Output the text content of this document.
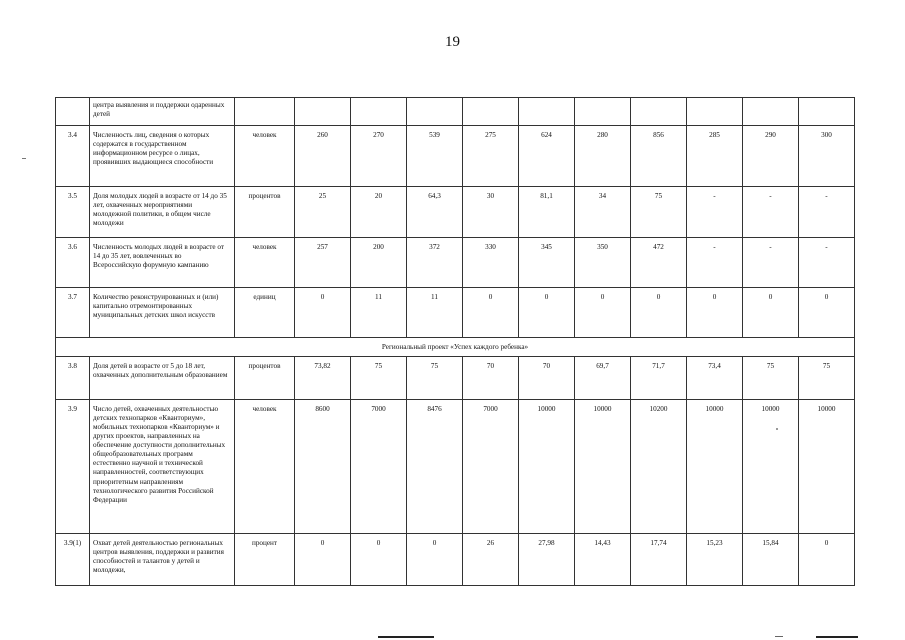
19
	центра выявления и поддержки одаренных детей											
3.4	Численность лиц, сведения о которых содержатся в государственном информационном ресурсе о лицах, проявивших выдающиеся способности	человек	260	270	539	275	624	280	856	285	290	300
3.5	Доля молодых людей в возрасте от 14 до 35 лет, охваченных мероприятиями молодежной политики, в общем числе молодежи	процентов	25	20	64,3	30	81,1	34	75	-	-	-
3.6	Численность молодых людей в возрасте от 14 до 35 лет, вовлеченных во Всероссийскую форумную кампанию	человек	257	200	372	330	345	350	472	-	-	-
3.7	Количество реконструированных и (или) капитально отремонтированных муниципальных детских школ искусств	единиц	0	11	11	0	0	0	0	0	0	0
Региональный проект «Успех каждого ребенка»												
3.8	Доля детей в возрасте от 5 до 18 лет, охваченных дополнительным образованием	процентов	73,82	75	75	70	70	69,7	71,7	73,4	75	75
3.9	Число детей, охваченных деятельностью детских технопарков «Кванториум», мобильных технопарков «Кванториум» и других проектов, направленных на обеспечение доступности дополнительных общеобразовательных программ естественно научной и технической направленностей, соответствующих приоритетным направлениям технологического развития Российской Федерации	человек	8600	7000	8476	7000	10000	10000	10200	10000	10000	10000
3.9(1)	Охват детей деятельностью региональных центров выявления, поддержки и развития способностей и талантов у детей и молодежи,	процент	0	0	0	26	27,98	14,43	17,74	15,23	15,84	0
